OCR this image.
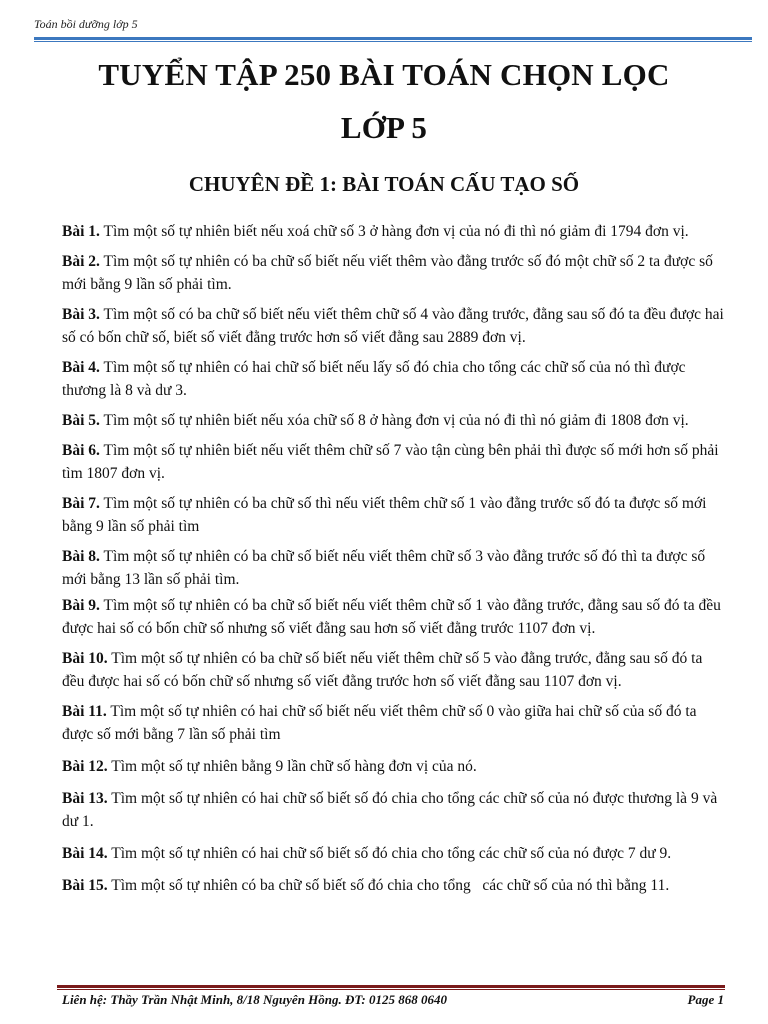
Toán bồi dưỡng lớp 5
TUYỂN TẬP 250 BÀI TOÁN CHỌN LỌC
LỚP 5
CHUYÊN ĐỀ 1: BÀI TOÁN CẤU TẠO SỐ

Bài 1. Tìm một số tự nhiên biết nếu xoá chữ số 3 ở hàng đơn vị của nó đi thì nó giảm đi 1794 đơn vị.

Bài 2. Tìm một số tự nhiên có ba chữ số biết nếu viết thêm vào đằng trước số đó một chữ số 2 ta được số mới bằng 9 lần số phải tìm.

Bài 3. Tìm một số có ba chữ số biết nếu viết thêm chữ số 4 vào đằng trước, đằng sau số đó ta đều được hai số có bốn chữ số, biết số viết đằng trước hơn số viết đằng sau 2889 đơn vị.

Bài 4. Tìm một số tự nhiên có hai chữ số biết nếu lấy số đó chia cho tổng các chữ số của nó thì được thương là 8 và dư 3.

Bài 5. Tìm một số tự nhiên biết nếu xóa chữ số 8 ở hàng đơn vị của nó đi thì nó giảm đi 1808 đơn vị.

Bài 6. Tìm một số tự nhiên biết nếu viết thêm chữ số 7 vào tận cùng bên phải thì được số mới hơn số phải tìm 1807 đơn vị.

Bài 7. Tìm một số tự nhiên có ba chữ số thì nếu viết thêm chữ số 1 vào đằng trước số đó ta được số mới bằng 9 lần số phải tìm

Bài 8. Tìm một số tự nhiên có ba chữ số biết nếu viết thêm chữ số 3 vào đằng trước số đó thì ta được số mới bằng 13 lần số phải tìm.

Bài 9. Tìm một số tự nhiên có ba chữ số biết nếu viết thêm chữ số 1 vào đằng trước, đằng sau số đó ta đều được hai số có bốn chữ số nhưng số viết đằng sau hơn số viết đằng trước 1107 đơn vị.

Bài 10. Tìm một số tự nhiên có ba chữ số biết nếu viết thêm chữ số 5 vào đằng trước, đằng sau số đó ta đều được hai số có bốn chữ số nhưng số viết đằng trước hơn số viết đằng sau 1107 đơn vị.

Bài 11. Tìm một số tự nhiên có hai chữ số biết nếu viết thêm chữ số 0 vào giữa hai chữ số của số đó ta được số mới bằng 7 lần số phải tìm

Bài 12. Tìm một số tự nhiên bằng 9 lần chữ số hàng đơn vị của nó.

Bài 13. Tìm một số tự nhiên có hai chữ số biết số đó chia cho tổng các chữ số của nó được thương là 9 và dư 1.

Bài 14. Tìm một số tự nhiên có hai chữ số biết số đó chia cho tổng các chữ số của nó được 7 dư 9.

Bài 15. Tìm một số tự nhiên có ba chữ số biết số đó chia cho tổng   các chữ số của nó thì bằng 11.

Liên hệ: Thầy Trần Nhật Minh, 8/18 Nguyên Hồng. ĐT: 0125 868 0640	Page 1
